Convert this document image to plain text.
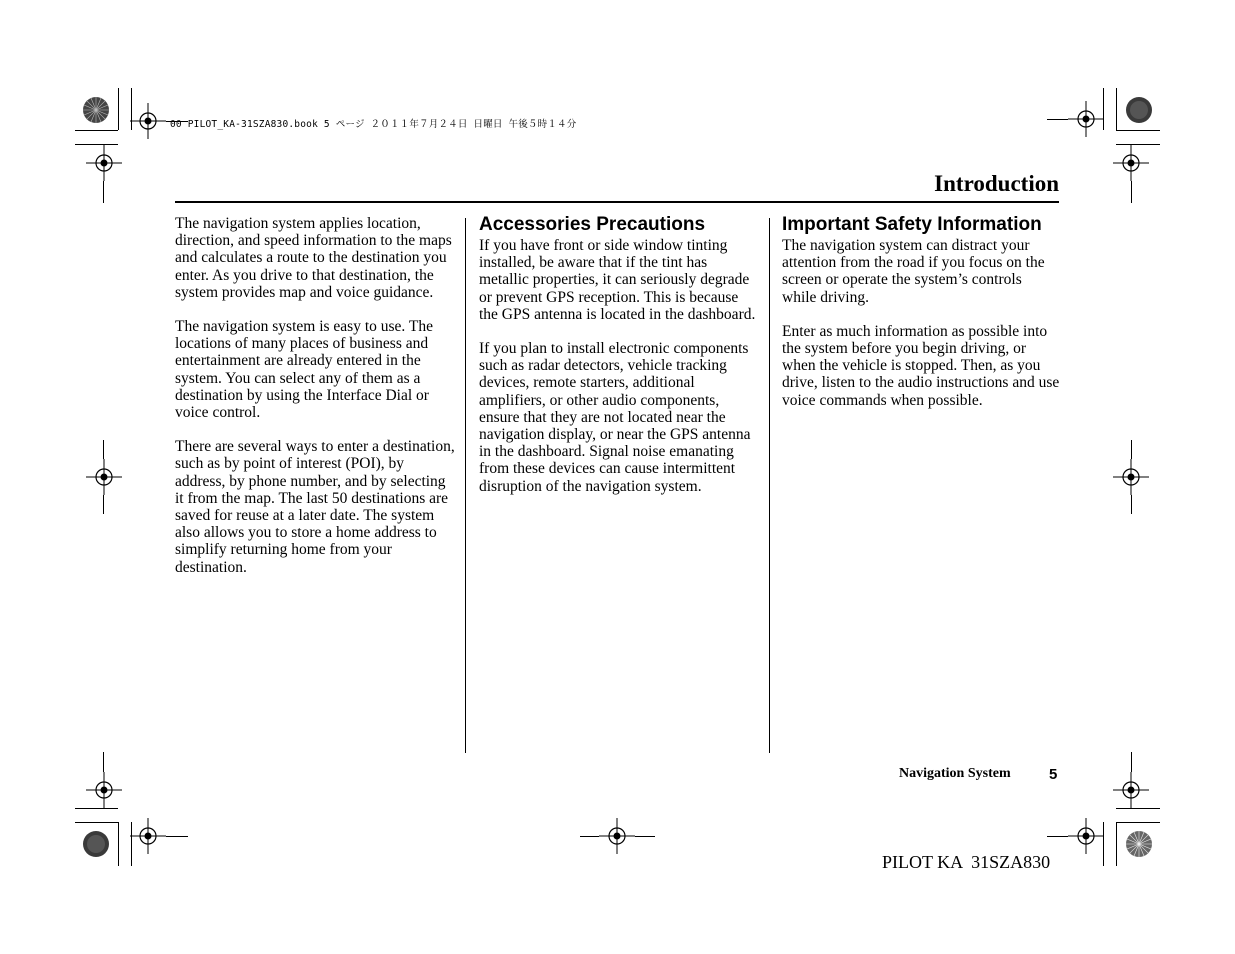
00 PILOT_KA-31SZA830.book 5 ページ ２０１１年７月２４日 日曜日 午後５時１４分
Introduction

The navigation system applies location, direction, and speed information to the maps and calculates a route to the destination you enter. As you drive to that destination, the system provides map and voice guidance.

The navigation system is easy to use. The locations of many places of business and entertainment are already entered in the system. You can select any of them as a destination by using the Interface Dial or voice control.

There are several ways to enter a destination, such as by point of interest (POI), by address, by phone number, and by selecting it from the map. The last 50 destinations are saved for reuse at a later date. The system also allows you to store a home address to simplify returning home from your destination.

Accessories Precautions

If you have front or side window tinting installed, be aware that if the tint has metallic properties, it can seriously degrade or prevent GPS reception. This is because the GPS antenna is located in the dashboard.

If you plan to install electronic components such as radar detectors, vehicle tracking devices, remote starters, additional amplifiers, or other audio components, ensure that they are not located near the navigation display, or near the GPS antenna in the dashboard. Signal noise emanating from these devices can cause intermittent disruption of the navigation system.

Important Safety Information

The navigation system can distract your attention from the road if you focus on the screen or operate the system’s controls while driving.

Enter as much information as possible into the system before you begin driving, or when the vehicle is stopped. Then, as you drive, listen to the audio instructions and use voice commands when possible.

Navigation System	5
PILOT KA  31SZA830
